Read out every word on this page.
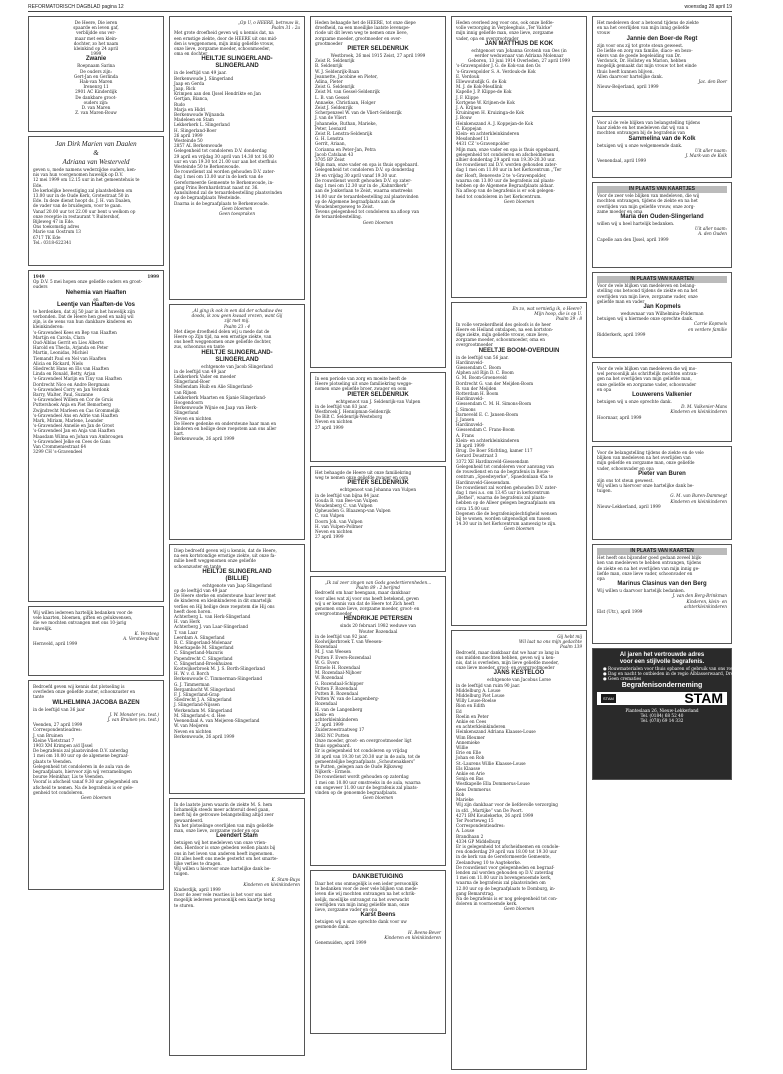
REFORMATORISCH DAGBLAD pagina 12	woensdag 28 april 19
De Heere, Die ieren
spaarde en leven gaf,
verblijdde ons ver-
maar met een klein-
dochter, zo het naam
kleinkind op 24 april
1999
Zwanie
Roepnaam Sarina
De ouders zijn:
Gert-Jan en Gerlinda
Hak-van Maren
Irenenrg 11
2901 AC Kinderdijk
De dankbare groot-
ouders zijn:
D. van Maren
Z. van Maren-Bouw
Jan Dirk Marien van Daalen
&
Adriana van Westerveld
geven u, mede namens wederzijdse ouders, ken-
nis van hun voorgenomen huwelijk op D.V.
12 mei 1999 om 12.15 uur in het gemeentehuis te
Ede.
De kerkelijke bevestiging zal plaatshebben om
13.00 uur in de Oude Kerk, Grotestraat 50 in
Ede. In deze dienst hoopt ds. J. H. van Daalen,
de vader van de bruidegom, voor te gaan.
Vanaf 20.00 uur tot 22.00 uur bent u welkom op
onze receptie in restaurant 't Ruitershof,
Bijleweg 47 in Ede.
Ons toekomstig adres
Marie van Oostrum 13
6717 TK Ede
Tel.: 0318-622341
1949	1999
Op D.V. 5 mei hopen onze geliefde ouders en groot-
ouders
Nehemia van Haaften
en
Leentje van Haaften-de Vos
te herdenken, dat zij 50 jaar in het huwelijk zijn
verbonden. Dat de Heere hen goed en nabij wil
zijn, is de wens van hun dankbare kinderen en
kleinkinderen:
's-Gravendeel Kees en Bep van Haaften
Martijn en Carola, Clara
Oud-Alblas Gerrit en Lies Alberts
Harold en Thecla, Arjanda en Peter
Martin, Leonidas, Michiel
Tiemandt Paul en Nel van Haaften
Alicia en Rickard, Niels
Sliedrecht Hans en Els van Haaften
Linda en Ronald, Betty, Arjan
's-Gravendeel Marijn en Tiny van Haaften
Dordrecht Nico en Andre Bergmans
's-Gravendeel Corry en Jan Verdonk
Barry, Walter, Paul, Suzanne
's-Gravendeel Willem en Cor de Gruis
Puttershoek Anja en Piet Bemorberg
Zwijndrecht Marleen en Cas Grommelijk
's-Gravendeel Ans en Adrie van Haaften
Mark, Miriam, Marlene, Leander
's-Gravendeel Annelie en Jan de Groot
's-Gravendeel Jan en Anja van Haaften
Maasdam Wilma en Johan van Ambrougen
's-Gravendeel Jelke en Cees de Gans
Van Crommeniestraat 64
3299 CH 's-Gravendeel
Wij willen iedereen hartelijk bedanken voor de
vele kaarten, bloemen, giften en gelukwensen,
die we mochten ontvangen met ons 10-jarig
huwelijk.
K. Versteeg
A. Versteeg-Bunt
Hernveld, april 1999
Bedroefd geven wij kennis dat plotseling is
overleden onze geliefde zuster, schoonzuster en
tante
WILHELMINA JACOBA BAZEN
in de leeftijd van 36 jaar
J. W. Monster (ex. test.)
J. van Bruinen (ex. test.)
Veenden, 27 april 1999
Correspondentieadres:
J. van Bruinen
Kleine Vlietstraat 7
1903 XM Krimpen a/d IJssel
De begrafenis zal plaatsvinden D.V. zaterdag
1 mei om 10.00 uur op de algemene begraaf-
plaats te Veenden.
Gelegenheid tot condoleren in de aula van de
begraafplaats, hiervoor zijn wij verzamelingen
bourse Meinkhar, Lis te Veenden.
Vooraf is afscheid vanaf 9.30 uur gelegenheid om
afscheid te nemen. Na de begrafenis is er gele-
genheid tot condoleren.
Geen bloemen
„Op U, o HEERE, betrouw ik,
Psalm 31 : 2a
Met grote droefheid geven wij u kennis dat, na
een ernstige ziekte, door de HEERE uit ons mid-
den is weggenomen, mijn innig geliefde vrouw,
onze lieve, zorgzame moeder, schoonmoeder,
oma en dochter
HEILTJE SLINGERLAND-
SLINGERLAND
in de leeftijd van 49 jaar.
Berkenwoude J. Slingerland
Jaap en Gerda
Jaap, Rick
Krimpen aan den IJssel Hendrikte en Jan
Gertjan, Bianca,
Rudo
Marja en Hidri
Berkenwoude Wijnanda
Madeleen en Stam
Lekkerkerk L. Slingerland
H. Slingerland-Boer
26 april 1999
Westeinde 50
2857 AL Berkenwoude
Gelegenheid tot condoleren D.V. donderdag
29 april en vrijdag 30 april van 14.30 tot 16.00
uur en van 19.30 tot 21.00 uur aan het sterfhuis
Westeinde 50 te Berkenwoude.
De rouwdienst zal worden gehouden D.V. zater-
dag 1 mei om 13.00 uur in de kerk van de
Gereformeerde Gemeente te Berkenwoude, in-
gang Prins Bernhardstraat naast nr. 36.
Aansluitend zal de teraardebestelling plaatsvinden
op de begraafplaats Westeinde.
Daarna is de begraafplaats te Berkenwoude.
Geen bloemen
Geen toespraken
„Al ging ik ook in een dal der schaduw des
doods, ik zou geen kwaad vrezen, want Gij
zijt met mij.
Psalm 23 : 4
Met diepe droefheid delen wij u mede dat de
Heere op Zijn tijd, na een ernstige ziekte, van
ons heeft weggenomen onze geliefde dochter,
zus, schoonzus en tante
HEILTJE SLINGERLAND-
SLINGERLAND
echtgenote van Jacob Slingerland
in de leeftijd van 49 jaar
Lekkerkerk Vader en moeder
Slingerland-Boer
Stellendam Huib en Alie Slingerland-
van Rijnen
Lekkerkerk Maarten en Sjanie Slingerland-
Hoogendoorn
Berkenwoude Wijnie en Jaap van Herk-
Slingerland
Neven en nichten
De Heere gedenke en ondersteune haar man en
kinderen en heilige deze roepstem aan ons aller
hart.
Berkenwoude, 26 april 1999
Diep bedroefd geven wij u kennis, dat de Heere,
na een kortstondige ernstige ziekte, uit onze fa-
milie heeft weggenomen onze geliefde
schoonzuster en tante
HEILTJE SLINGERLAND
(BILLIE)
echtgenote van Jaap Slingerland
op de leeftijd van 49 jaar
De Heere sterke en ondersteune haar lever met
de kinderen en kleinkinderen in dit smartelijk
verlies en Hij heilige deze roepstem die Hij ons
heeft doen horen.
Achterberg L. van Herk-Slingerland
H. van Herk
Achterberg J. van Laar-Slingerland
T. van Laar
Leerdam A. Slingerland
B. C. Slingerland-Molenaar
Moerkapelle M. Slingerland
C. Slingerland-Mazuris
Papendrecht C. Slingerland
C. Slingerland-Broekhuizen
Kootwijkerbroek M. J. S. Borth-Slingerland
H. W. v. d. Borch
Berkenwoude C. Timmerman-Slingerland
G. J. Timmerman
Bergambacht W. Slingerland
F. J. Slingerland-Grap
Sliedrecht J. A. Slingerland
J. Slingerland-Nijssen
Werkendam M. Slingerland
M. Slingerland-v. d. Hee
Veenendaal A. van Meijeren-Slingerland
W. van Meijeren
Neven en nichten
Berkenwoude, 26 april 1999
In de laatste jaren waarin de ziekte M. S. hem
lichamelijk steeds meer achteruit deed gaan,
heeft hij de getrouwe belangstelling altijd zeer
gewaardeerd.
Na het plotselinge overlijden van mijn geliefde
man, onze lieve, zorgzame vader en opa
Leendert Stam
betuigen wij het medeleven van onze vrien-
den. Hierdoor is onze gebeden wellen plaats bij
ons in het leven van anderen heeft ingenomen.
Dit alles heeft ons mede gesterkt om het smarte-
lijke verlies te dragen.
Wij willen u hiervoor onze hartelijke dank be-
tuigen.
K. Stam-Buys
Kinderen en kleinkinderen
Kinderdijk, april 1999
Door de zeer vele reacties is het voor ons niet
mogelijk iedereen persoonlijk een kaartje terug
te sturen.
Heden behaagde het de HEERE, tot onze diepe
droefheid, na een moeilijke laatste levenspe-
riode uit dit leven weg te nemen onze lieve,
zorgzame moeder, grootmoeder en over-
grootmoeder
PIETER SELDENRIJK
Westbroek, 26 mei 1915 Zeist, 27 april 1999
Zeist R. Seldenrijk
B. Seldenrijk
W. J. Seldenrijk-Baan
Jeannette, Jacobine en Pieter,
Adina, Pieter
Zeist G. Seldenrijk
Zeist M. van Gessel-Seldenrijk
L. B. van Gessel
Annaeke, Christiaan, Holger
Zeist J. Seldenrijk
Scherpenzeel W. van de Vliert-Seldenrijk
J. van de Vliert
Johanneke, Ruthan, Marieke,
Peter, Leonard
Zeist R. Lenstra-Seldenrijk
G. H. Lenstra
Gerrit, Ariaan,
Corianna en Peter-Jan, Petra
Jacob Catslaan 43
3705 BP Zeist
Mijn man, onze vader en opa is thuis opgebaard.
Gelegenheid tot condoleren D.V. op donderdag
29 en vrijdag 30 april vanaf 19.30 uur.
De rouwdienst wordt gehouden D.V. op zater-
dag 1 mei om 12.30 uur in de „Kahnrdkerk”
aan de Jonkerlaan te Zeist, waarna omstreeks
14.00 uur de teraardebestelling zal plaatsvinden
op de Algemene begraafplaats aan de
Woudenbergseweg te Zeist.
Tevens gelegenheid tot condoleren na afloop van
de teraardebestelling.
Geen bloemen
In een periode van zorg en moeite heeft de
Heere plotseling uit onze familiekring wegge-
nomen onze geliefde broer, zwager en oom
PIETER SELDENRIJK
echtgenoot van J. Seldenrijk-van Vulpen
in de leeftijd van 83 jaar.
Westbroek J. Hennipman-Seldenrijk
De Bilt C. Seldenrijk-Westeborg
Neven en nichten
27 april 1999
Het behaagde de Heere uit onze familiekring
weg te nemen onze geliefde zwager en oom
PIETER SELDENRIJK
echtgenoot van Johanna van Vulpen
in de leeftijd van bijna 84 jaar.
Gouda B. van Bee-van Vulpen
Woudenberg C. van Vulpen
Opheusden G. Blaazenp-van Vulpen
C. van Vulpen
Doorn Joh. van Vulpen
H. van Vulpen-Pollmer
Neven en nichten
27 april 1999
„Ik zal zeer zingen van Gods goedertierenheden...
Psalm 89 : 2 berijmd
Bedroefd om haar heengaan, maar dankbaar
voor alles wat zij voor ons heeft betekend, geven
wij u er kennis van dat de Heere tot Zich heeft
genomen onze lieve, zorgzame moeder, groot- en
overgrootmoeder
HENDRIKJE PETERSEN
sinds 20 februari 1982 weduwe van
Wouter Rozendaal
in de leeftijd van 92 jaar.
Koolwijkerbroek T. van Weesen-
Rozendaal
M. J. van Weesen
Putten F. Evers-Rozendaal
W. G. Evers
Ermelo H. Rozendaal
M. Rozendaal-Nijhoer
W. Rozendaal
G. Rozendaal-Schipper
Putten F. Rozendaal
Putten B. Rozendaal
Putten W. van de Langenberg-
Rozendaal
H. van de Langenberg
Klein- en
achterkleinkinderen
27 april 1999
Zuiderzeestraatweg 17
3862 NC Putten
Onze moeder, groot- en overgrootmoeder ligt
thuis opgebaard.
Er is gelegenheid tot condoleren op vrijdag
30 april van 19.30 tot 20.30 uur in de aula, tot de
gemeentelijke begraafplaats „Schoutenakkers”
te Putten, gelegen aan de Oude Rijksweg
Nijkerk - Ermelo.
De rouwdienst wordt gehouden op zaterdag
1 mei om 10.00 uur omstreeks in de aula, waarna
om ongeveer 11.00 uur de begrafenis zal plaats-
vinden op de genoemde begraafplaats.
Geen bloemen
DANKBETUIGING
Daar het ons onmogelijk is een ieder persoonlijk
te bedanken voor de zeer vele blijken van mede-
leven die wij mochten ontvangen na het schrik-
kelijk, moeilijke ontvangst na het overwacht
overlijden van mijn innig geliefde man, onze
lieve, zorgzame vader en opa
Karst Beens
betuigen wij u onze oprechte dank voor uw
gesmende dank.
H. Beens-Bever
Kinderen en kleinkinderen
Genemuiden, april 1999
Heden overleed zeg voor ons, ook onze liefde-
volle verzorging in Verpleeghuis „Ter Valcke”
mijn innig geliefde man, onze lieve, zorgzame
vader, opa en overgrootvader
JAN MATTHIJS DE KOK
echtgenoot van Johanna Grotenh van Oes (in
eerder weduwnaar van Adriana Molenaar
Geboren, 13 juni 1914 Overleden, 27 april 1999
's-Gravenpolder J. G. de Kok-van den Os
's-Gravenpolder S. A. Verdouk-de Kok
E. Verdouk
Ellewoutsdijk G. de Kok
M. J. de Kok-Mesdlink
Kapelle J. P. Klippe-de Kok
J. F. Klippe
Kortgene W. Krijnen-de Kok
J. A. Krijnen
Kruiningen H. Kruizinga-de Kok
J. Bouw
Heinkenszand A. J. Koppejan-de Kok
C. Koppejan
Klein- en achterkleinkinderen
Mesdonhoef 11
4431 CZ 's-Gravenpolder
Mijn man, onze vader en opa is thuis opgebaard,
gelegenheid tot condoleren en afscheidnemen
alhier donderdag 29 april van 19.30-20.30 uur.
De rouwdienst zal D.V. worden gehouden zater-
dag 1 mei om 11.00 uur in het Kerkcentrum „'Ter
der Hooft, Beneveste 2 te 's-Gravenpolder,
waarna om 13.00 uur de begrafenis zal plaats-
hebben op de Algemene Begraafplaats aldaar.
Na afloop van de begrafenis is er ook gelegen-
heid tot condoleren in het Kerkcentrum.
Geen bloemen
En zo, wat vernietig ik, o Heere?
Mijn hoop, die is op U.
Psalm 39 : 8
In volle verzekerdheid des geloofs is de heer
Heere en Heiland ontslapen, na een kortston-
dige ziekte, mijn geliefde vrouw, onze lieve,
zorgzame moeder, schoonmoeder, oma en
overgrootmoeder
NEELTJE BOOM-OVERDUIN
in de leeftijd van 56 jaar.
Hardinxveld-
Giessendam C. Boom
Alphen a/d Rijn D. C. Boom
G. M. Boom-Groeneveld
Dordrecht G. van der Meijden-Boom
R. van der Meijden
Rotterdam H. Boom
Hardinxveld-
Giessendam C. M. H. Simons-Boom
J. Simons
Barneveld E. C. Jansen-Boom
J. Jansen
Hardinxveld-
Giessendam C. Frans-Boom
A. Frans
Klein- en achterkleinkinderen
28 april 1999
Brug. De Boer Stichting, kamer 117
Gerard Doustraat 3
3372 XE Hardinxveld-Giessendam
Gelegenheid tot condoleren voor aanvang van
de rouwdienst en na de begrafenis in Rouw-
centrum „Spoedwyerke”, Spaedonlaan 45a te
Hardinxveld-Giessendam.
De rouwdienst zal worden gehouden D.V. zater-
dag 1 mei a.s. om 13.45 uur in kerkcentrum
„Bethel”, waarna de begrafenis zal plaats-
hebben op de Alleer gelegen begraafplaats om
circa 15.00 uur.
Degenen die de begrafenisplechtigheid wensen
bij te wonen, worden uitgenodigd om tussen
14.30 uur in het Kerkcentrum aanwezig te zijn.
Geen bloemen
Gij hebt mij
Wil laat na ons mijn gedachte
Psalm 139
Bedroefd, maar dankbaar dat we haar zo lang in
ons midden mochten hebben, geven wij u ken-
nis, dat is overleden, mijn lieve geliefde moeder,
onze lieve moeder, groot- en overgrootmoeder
JANS KESTELOO
echtgenote van Jacobus Lorse
in de leeftijd van ruim 90 jaar.
Middelburg A. Louse
Middelburg Piet Louse
Willy Louse-Roelse
Rion en Edith
Ed
Roelin en Peter
Ankie en Cees
en achterkleinkinderen
Heinkenszand Adriana Klaasse-Louse
Wim Bleumer
Annemieke
Willie
Erie en Elle
Johan en Rob
St.-Laurens Willie Klaasse-Louse
Els Klaasse
Ankie en Arie
Sonja en Bas
Westkapelle Ella Dommerus-Louse
Kees Dommerus
Rob
Marieke
Wij zijn dankbaar voor de liefdevolle verzorging
in sfd. „Martijke” van De Poort.
4271 BM Koudekerke, 26 april 1999
Ter Poorteweg 15
Correspondentieadres:
A. Louse
Brandhaan 2
4334 GP Middelburg
Er is gelegenheid tot afscheidnemen en condole-
ren donderdag 29 april van 18.00 tot 19.30 uur
in de kerk van de Gereformeerde Gemeente,
Zeelandweg 10 te Aagtekerke.
De rouwdienst voor gelegenheden en begraaf-
lenden zal worden gehouden op D.V. zaterdag
1 mei om 11.00 uur in bovengenoemde kerk,
waarna de begrafenis zal plaatsvinden om
12.00 uur op de begraafplaats te Domburg, in-
gang Bemarstrag.
Na de begrafenis is er nog gelegenheid tot con-
doleren in voornoemde kerk.
Geen bloemen
Het medeleven door a betoond tijdens de ziekte
en na het overlijden van mijn innig geliefde
vrouw
Jannie den Boer-de Regt
zijn voor ons zij tot grote steun geweest.
De liefde en zorg van familie, diaco- en bezo-
ekers van de goede begeleiding van Dr.
Verdonck, Dr. Hollstey en Marion, hebben
mogelijk gemaakt dat mijn vrouw tot het einde
thuis heeft kunnen blijven.
Allen daarvoor hartelijke dank.
Jac. den Boer
Nieuw-Beijerland, april 1999
Voor al de vele blijken van belangstelling tijdens
haar ziekte en het medeleven dat wij van u
mochten ontvangen bij de begrafenis van
Sammelina van de Kolk
betuigen wij u onze welgemeende dank.
Uit aller naam:
J. Mark-van de Kolk
Veenendaal, april 1999
IN PLAATS VAN KAARTJES
Voor de zeer vele blijken van medeleven, die wij
mochten ontvangen, tijdens de ziekte en na het
overlijden van mijn geliefde vrouw, onze zorg-
zame moeder en oma
Maria den Ouden-Slingerland
willen wij u heel hartelijk bedanken.
Uit aller naam:
A. den Ouden
Capelle aan den IJssel, april 1999
IN PLAATS VAN KAARTEN
Voor de vele blijken van medeleven en belang-
stelling ons betoond tijdens de ziekte en na het
overlijden van mijn lieve, zorgzame vader, onze
geliefde man en vader
Jan Kopmels
weduwnaar van Wilhelmina-Polderman
betuigen wij u hiermede onze oprechte dank.
Carrie Kopmels
en verdere familie
Ridderkerk, april 1999
Voor de vele blijken van medeleven die wij mo-
wel persoonlijk als schriftelijk mochten ontvan-
gen na het overlijden van mijn geliefde man,
onze geliefde en zorgzame vader, schoonvader
en opa
Louwerens Valkenier
betuigen wij u onze oprechte dank.
D. M. Valkenier-Mans
Kinderen en kleinkinderen
Hoornaar, april 1999
Voor de belangstelling tijdens de ziekte en de vele
blijken van medeleven na het overlijden van
mijn geliefde en zorgzame man, onze geliefde
vader, schoonvader en opa
Pieter van Buren
zijn ons tot steun geweest.
Wij willen u hiervoor onze hartelijke dank be-
tuigen.
G. M. van Buren-Dammegt
Kinderen en kleinkinderen
Nieuw-Lekkerland, april 1999
IN PLAATS VAN KAARTEN
Het heeft ons bijzonder goed gedaan zoveel blijk-
ken van medeleven te hebben ontvangen, tijdens
de ziekte en na het overlijden van mijn innig ge-
liefde man, onze lieve vader, schoonvader en
opa
Marinus Clasinus van den Berg
Wij willen u daarvoor hartelijk bedanken.
J. van den Berg-Brinkman
Kinderen, klein- en
achterkleinkinderen
Elst (Utr.), april 1999
Al jaren het vertrouwde adres
voor een stijlvolle begrafenis.
● Rouwmaterialen voor thuis opbaren of gebruik van ons rouwcentrum
● Dag en nacht te ontbieden in de regio Alblasserwaard, Drechtsteden en omgeving
● Geen crematies
Begrafenisonderneming
STAM	STAM
Planteslaan 26, Nieuw-Lekkerland
Tel. (0184) 68 52 40
Tel. (078) 69 14 332
